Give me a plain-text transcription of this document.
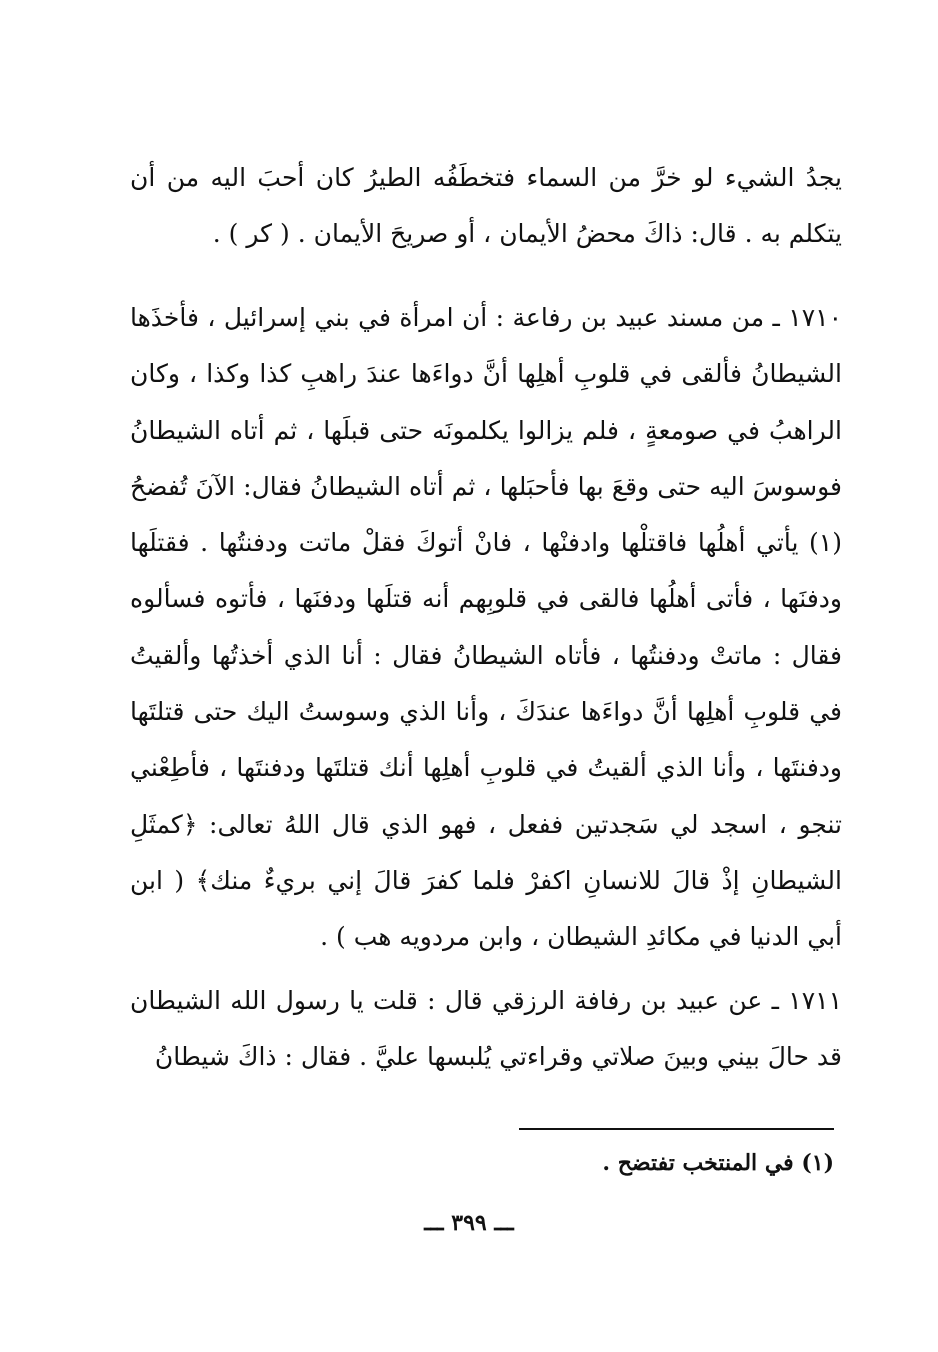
يجدُ الشيء لو خرَّ من السماء فتخطَفُه الطيرُ كان أحبَ اليه من أن يتكلم به . قال: ذاكَ محضُ الأيمان ، أو صريحَ الأيمان . ( كر ) .

١٧١٠ ـ من مسند عبيد بن رفاعة : أن امرأة في بني إسرائيل ، فأخذَها الشيطانُ فألقى في قلوبِ أهلِها أنَّ دواءَها عندَ راهبِ كذا وكذا ، وكان الراهبُ في صومعةٍ ، فلم يزالوا يكلمونَه حتى قبلَها ، ثم أتاه الشيطانُ فوسوسَ اليه حتى وقعَ بها فأحبَلها ، ثم أتاه الشيطانُ فقال: الآنَ تُفضحُ (١) يأتي أهلُها فاقتلْها وادفنْها ، فانْ أتوكَ فقلْ ماتت ودفنتُها . فقتلَها ودفنَها ، فأتى أهلُها فالقى في قلوبِهم أنه قتلَها ودفنَها ، فأتوه فسألوه فقال : ماتتْ ودفنتُها ، فأتاه الشيطانُ فقال : أنا الذي أخذتُها وألقيتُ في قلوبِ أهلِها أنَّ دواءَها عندَكَ ، وأنا الذي وسوستُ اليك حتى قتلتَها ودفنتَها ، وأنا الذي ألقيتُ في قلوبِ أهلِها أنك قتلتَها ودفنتَها ، فأطِعْني تنجو ، اسجد لي سَجدتين ففعل ، فهو الذي قال اللهُ تعالى: ﴿كمثَلِ الشيطانِ إذْ قالَ للانسانِ اكفرْ فلما كفرَ قالَ إني بريءٌ منك﴾ ( ابن أبي الدنيا في مكائدِ الشيطان ، وابن مردويه هب ) .

١٧١١ ـ عن عبيد بن رفافة الرزقي قال : قلت يا رسول الله الشيطان قد حالَ بيني وبينَ صلاتي وقراءتي يُلبسها عليَّ . فقال : ذاكَ شيطانُ

(١) في المنتخب تفتضح .
ـــ ٣٩٩ ـــ
